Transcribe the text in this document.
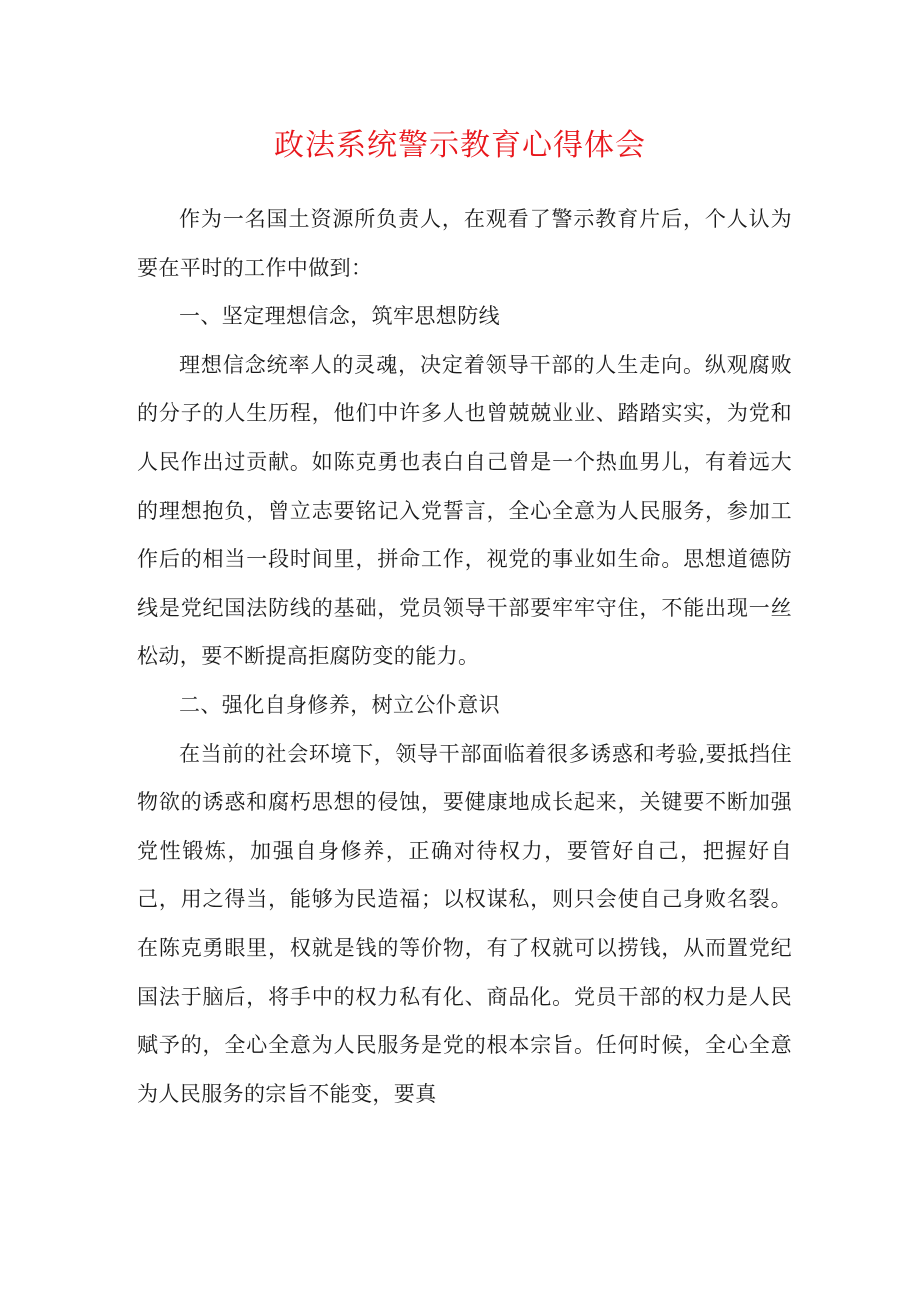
政法系统警示教育心得体会

作为一名国土资源所负责人，在观看了警示教育片后，个人认为要在平时的工作中做到：

一、坚定理想信念，筑牢思想防线

理想信念统率人的灵魂，决定着领导干部的人生走向。纵观腐败的分子的人生历程，他们中许多人也曾兢兢业业、踏踏实实，为党和人民作出过贡献。如陈克勇也表白自己曾是一个热血男儿，有着远大的理想抱负，曾立志要铭记入党誓言，全心全意为人民服务，参加工作后的相当一段时间里，拼命工作，视党的事业如生命。思想道德防线是党纪国法防线的基础，党员领导干部要牢牢守住，不能出现一丝松动，要不断提高拒腐防变的能力。

二、强化自身修养，树立公仆意识

在当前的社会环境下，领导干部面临着很多诱惑和考验,要抵挡住物欲的诱惑和腐朽思想的侵蚀，要健康地成长起来，关键要不断加强党性锻炼，加强自身修养，正确对待权力，要管好自己，把握好自己，用之得当，能够为民造福；以权谋私，则只会使自己身败名裂。在陈克勇眼里，权就是钱的等价物，有了权就可以捞钱，从而置党纪国法于脑后，将手中的权力私有化、商品化。党员干部的权力是人民赋予的，全心全意为人民服务是党的根本宗旨。任何时候，全心全意为人民服务的宗旨不能变，要真
